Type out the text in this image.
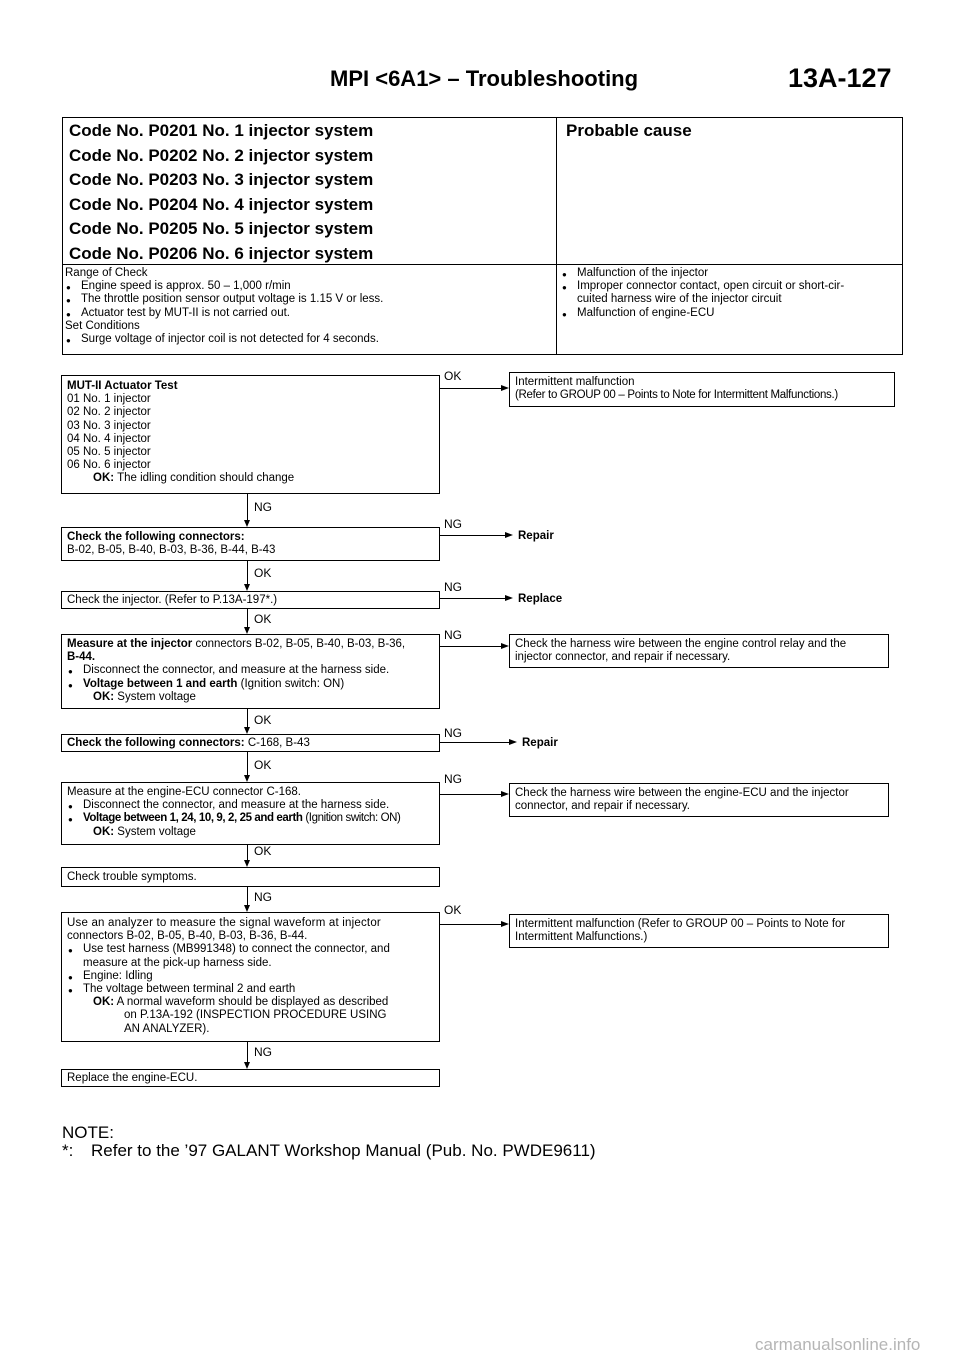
MPI <6A1> – Troubleshooting	13A-127
Code No. P0201 No. 1 injector system
Code No. P0202 No. 2 injector system
Code No. P0203 No. 3 injector system
Code No. P0204 No. 4 injector system
Code No. P0205 No. 5 injector system
Code No. P0206 No. 6 injector system
Probable cause
Range of Check
● Engine speed is approx. 50 – 1,000 r/min
● The throttle position sensor output voltage is 1.15 V or less.
● Actuator test by MUT-II is not carried out.
Set Conditions
● Surge voltage of injector coil is not detected for 4 seconds.
● Malfunction of the injector
● Improper connector contact, open circuit or short-cir-
cuited harness wire of the injector circuit
● Malfunction of engine-ECU
MUT-II Actuator Test
01 No. 1 injector
02 No. 2 injector
03 No. 3 injector
04 No. 4 injector
05 No. 5 injector
06 No. 6 injector
OK: The idling condition should change
Check the following connectors:
B-02, B-05, B-40, B-03, B-36, B-44, B-43
Check the injector. (Refer to P.13A-197*.)
Measure at the injector connectors B-02, B-05, B-40, B-03, B-36,
B-44.
● Disconnect the connector, and measure at the harness side.
● Voltage between 1 and earth (Ignition switch: ON)
OK: System voltage
Check the following connectors: C-168, B-43
Measure at the engine-ECU connector C-168.
● Disconnect the connector, and measure at the harness side.
● Voltage between 1, 24, 10, 9, 2, 25 and earth (Ignition switch: ON)
OK: System voltage
Check trouble symptoms.
Use an analyzer to measure the signal waveform at injector
connectors B-02, B-05, B-40, B-03, B-36, B-44.
● Use test harness (MB991348) to connect the connector, and
measure at the pick-up harness side.
● Engine: Idling
● The voltage between terminal 2 and earth
OK: A normal waveform should be displayed as described
on P.13A-192 (INSPECTION PROCEDURE USING
AN ANALYZER).
Replace the engine-ECU.
Intermittent malfunction
(Refer to GROUP 00 – Points to Note for Intermittent Malfunctions.)
Repair
Replace
Check the harness wire between the engine control relay and the
injector connector, and repair if necessary.
Repair
Check the harness wire between the engine-ECU and the injector
connector, and repair if necessary.
Intermittent malfunction (Refer to GROUP 00 – Points to Note for
Intermittent Malfunctions.)
NG
OK
OK
OK
OK
OK
NG
NG
OK
NG
NG
NG
NG
NG
OK
NOTE:
*: Refer to the ’97 GALANT Workshop Manual (Pub. No. PWDE9611)
carmanualsonline.info
